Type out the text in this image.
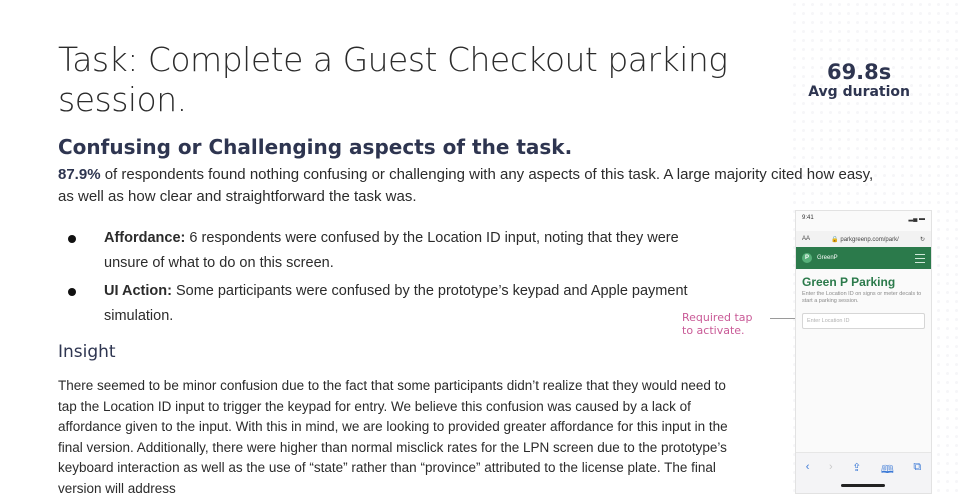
Task: Complete a Guest Checkout parking session.
69.8s
Avg duration
Confusing or Challenging aspects of the task.
87.9% of respondents found nothing confusing or challenging with any aspects of this task. A large majority cited how easy, as well as how clear and straightforward the task was.
Affordance: 6 respondents were confused by the Location ID input, noting that they were unsure of what to do on this screen.
UI Action: Some participants were confused by the prototype’s keypad and Apple payment simulation.
Insight
There seemed to be minor confusion due to the fact that some participants didn’t realize that they would need to tap the Location ID input to trigger the keypad for entry. We believe this confusion was caused by a lack of affordance given to the input. With this in mind, we are looking to provided greater affordance for this input in the final version. Additionally, there were higher than normal misclick rates for the LPN screen due to the prototype’s keyboard interaction as well as the use of “state” rather than “province” attributed to the license plate. The final version will address
Required tap to activate.
9:41	▂▄ ▬
AA	🔒 parkgreenp.com/park/	↻
P	GreenP
Green P Parking
Enter the Location ID on signs or meter decals to start a parking session.
Enter Location ID
‹ › ⇪ 🕮 ⧉
